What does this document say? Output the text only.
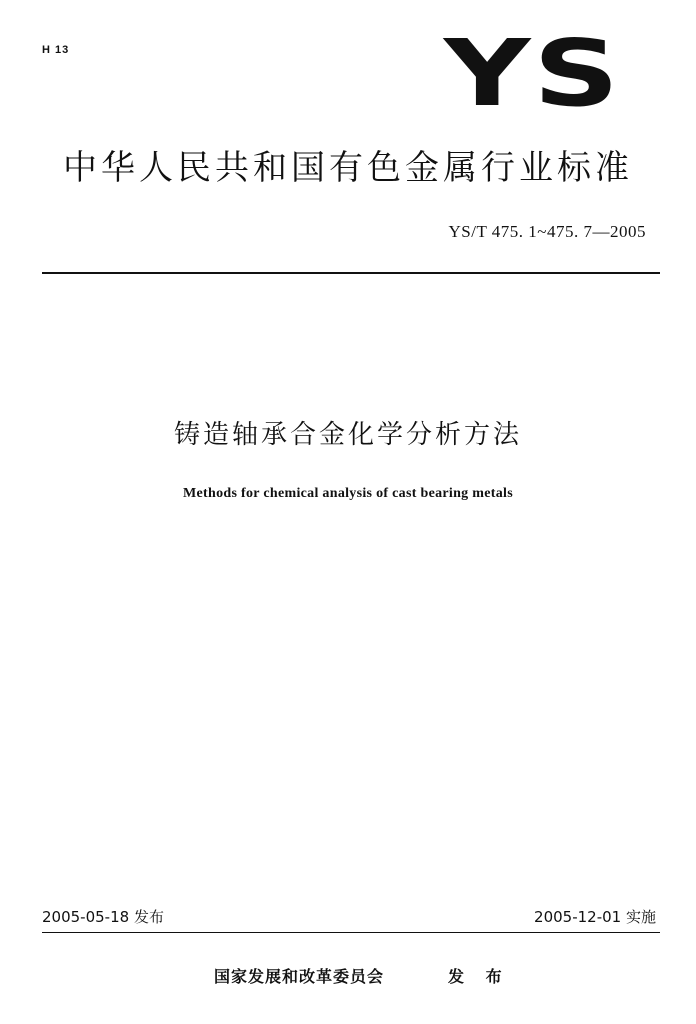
H 13	YS
中华人民共和国有色金属行业标准
YS/T 475. 1~475. 7—2005
铸造轴承合金化学分析方法
Methods for chemical analysis of cast bearing metals
2005-05-18 发布	2005-12-01 实施
国家发展和改革委员会	发 布
